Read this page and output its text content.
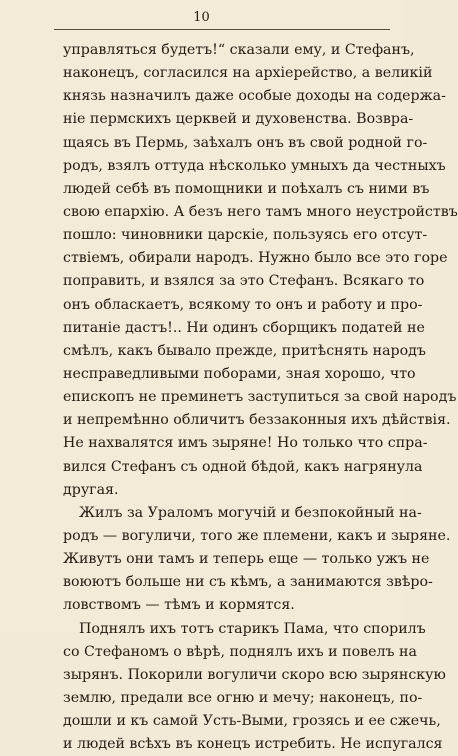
10
управляться будетъ!“ сказали ему, и Стефанъ,
наконецъ, согласился на архіерейство, а великій
князь назначилъ даже особые доходы на содержа-
ніе пермскихъ церквей и духовенства. Возвра-
щаясь въ Пермь, заѣхалъ онъ въ свой родной го-
родъ, взялъ оттуда нѣсколько умныхъ да честныхъ
людей себѣ въ помощники и поѣхалъ съ ними въ
свою епархію. А безъ него тамъ много неустройствъ
пошло: чиновники царскіе, пользуясь его отсут-
ствіемъ, обирали народъ. Нужно было все это горе
поправить, и взялся за это Стефанъ. Всякаго то
онъ обласкаетъ, всякому то онъ и работу и про-
питаніе дастъ!.. Ни одинъ сборщикъ податей не
смѣлъ, какъ бывало прежде, притѣснять народъ
несправедливыми поборами, зная хорошо, что
епископъ не преминетъ заступиться за свой народъ
и непремѣнно обличитъ беззаконныя ихъ дѣйствія.
Не нахвалятся имъ зыряне! Но только что спра-
вился Стефанъ съ одной бѣдой, какъ нагрянула
другая.
Жилъ за Ураломъ могучій и безпокойный на-
родъ — вогуличи, того же племени, какъ и зыряне.
Живутъ они тамъ и теперь еще — только ужъ не
воюютъ больше ни съ кѣмъ, а занимаются звѣро-
ловствомъ — тѣмъ и кормятся.
Поднялъ ихъ тотъ старикъ Пама, что спорилъ
со Стефаномъ о вѣрѣ, поднялъ ихъ и повелъ на
зырянъ. Покорили вогуличи скоро всю зырянскую
землю, предали все огню и мечу; наконецъ, по-
дошли и къ самой Усть-Выми, грозясь и ее сжечь,
и людей всѣхъ въ конецъ истребить. Не испугался
